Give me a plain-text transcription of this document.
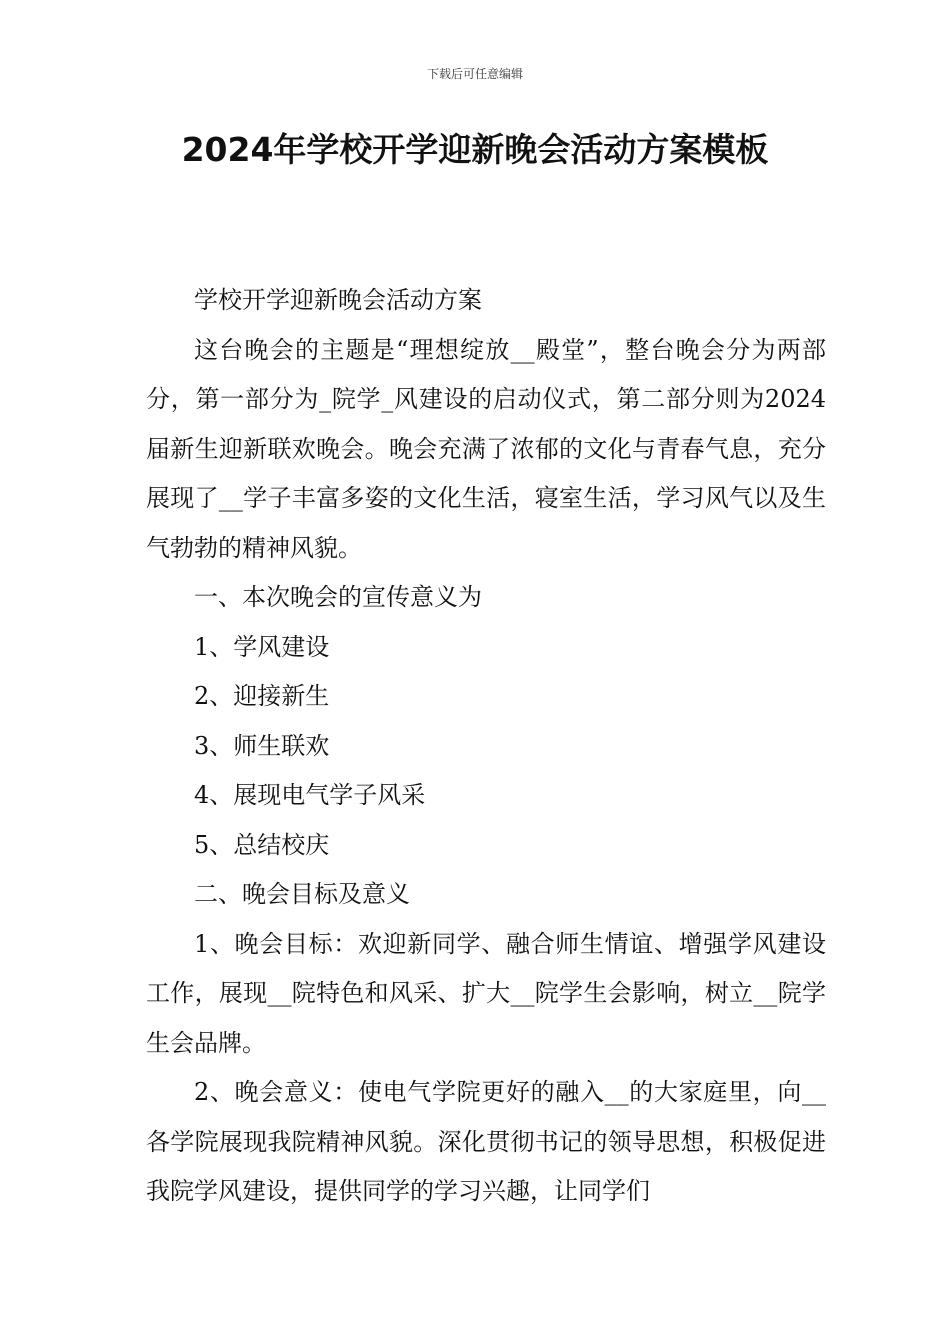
下载后可任意编辑
2024年学校开学迎新晚会活动方案模板

学校开学迎新晚会活动方案

这台晚会的主题是“理想绽放__殿堂”，整台晚会分为两部分，第一部分为_院学_风建设的启动仪式，第二部分则为2024届新生迎新联欢晚会。晚会充满了浓郁的文化与青春气息，充分展现了__学子丰富多姿的文化生活，寝室生活，学习风气以及生气勃勃的精神风貌。

一、本次晚会的宣传意义为

1、学风建设

2、迎接新生

3、师生联欢

4、展现电气学子风采

5、总结校庆

二、晚会目标及意义

1、晚会目标：欢迎新同学、融合师生情谊、增强学风建设工作，展现__院特色和风采、扩大__院学生会影响，树立__院学生会品牌。

2、晚会意义：使电气学院更好的融入__的大家庭里，向__各学院展现我院精神风貌。深化贯彻书记的领导思想，积极促进我院学风建设，提供同学的学习兴趣，让同学们
